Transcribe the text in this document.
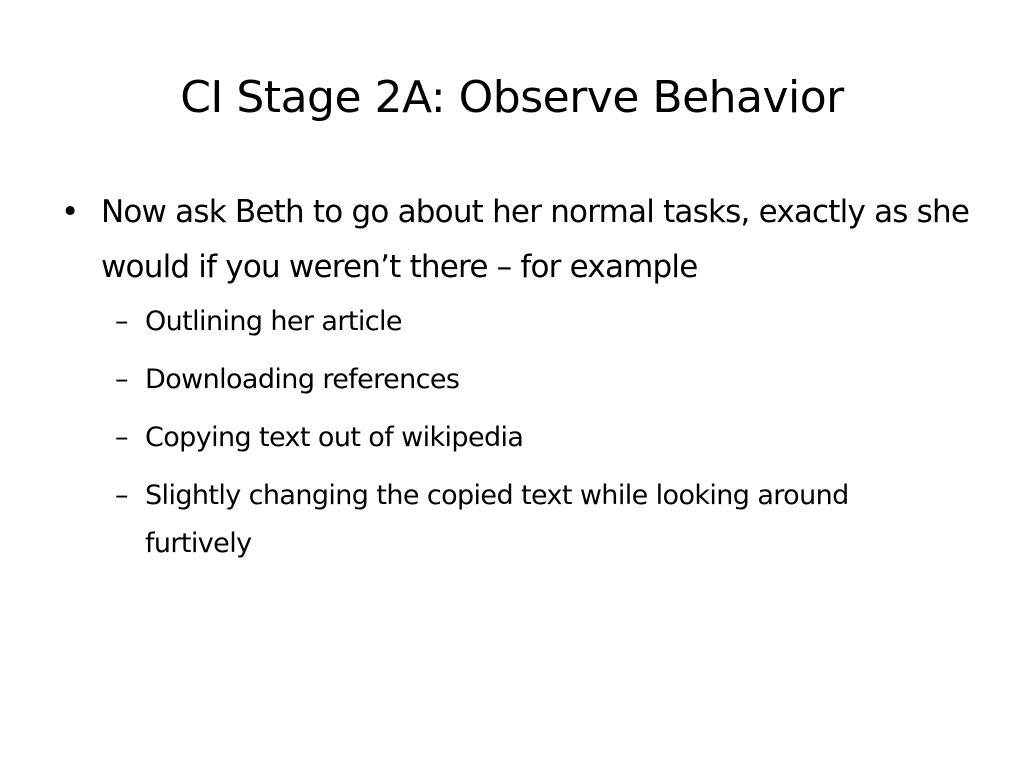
CI Stage 2A: Observe Behavior
• Now ask Beth to go about her normal tasks, exactly as she would if you weren’t there – for example
– Outlining her article
– Downloading references
– Copying text out of wikipedia
– Slightly changing the copied text while looking around furtively
